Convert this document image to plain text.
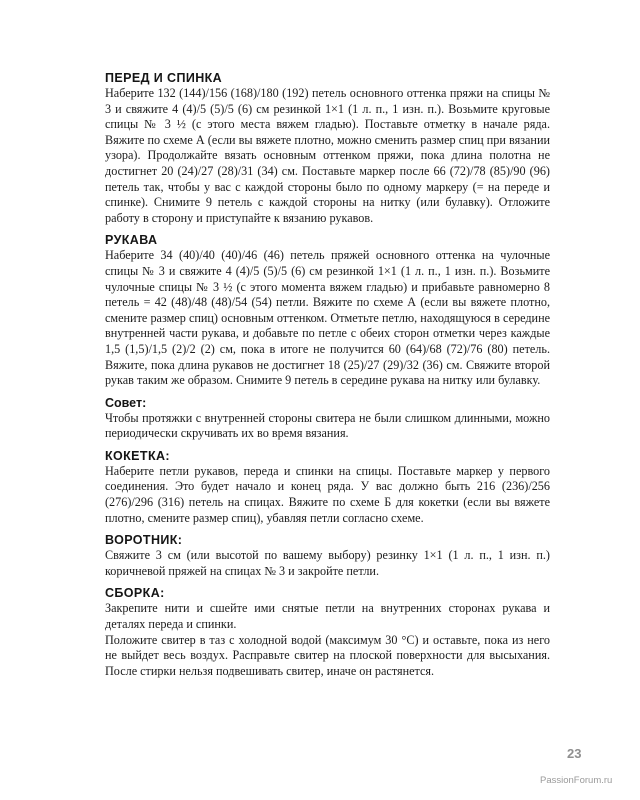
ПЕРЕД И СПИНКА

Наберите 132 (144)/156 (168)/180 (192) петель основного оттенка пряжи на спицы № 3 и свяжите 4 (4)/5 (5)/5 (6) см резинкой 1×1 (1 л. п., 1 изн. п.). Возьмите круговые спицы № 3 ½ (с этого места вяжем гладью). Поставьте отметку в начале ряда. Вяжите по схеме А (если вы вяжете плотно, можно сменить размер спиц при вязании узора). Продолжайте вязать основным оттенком пряжи, пока длина полотна не достигнет 20 (24)/27 (28)/31 (34) см. Поставьте маркер после 66 (72)/78 (85)/90 (96) петель так, чтобы у вас с каждой стороны было по одному маркеру (= на переде и спинке). Снимите 9 петель с каждой стороны на нитку (или булавку). Отложите работу в сторону и приступайте к вязанию рукавов.

РУКАВА

Наберите 34 (40)/40 (40)/46 (46) петель пряжей основного оттенка на чулочные спицы № 3 и свяжите 4 (4)/5 (5)/5 (6) см резинкой 1×1 (1 л. п., 1 изн. п.). Возьмите чулочные спицы № 3 ½ (с этого момента вяжем гладью) и прибавьте равномерно 8 петель = 42 (48)/48 (48)/54 (54) петли. Вяжите по схеме А (если вы вяжете плотно, смените размер спиц) основным оттенком. Отметьте петлю, находящуюся в середине внутренней части рукава, и добавьте по петле с обеих сторон отметки через каждые 1,5 (1,5)/1,5 (2)/2 (2) см, пока в итоге не получится 60 (64)/68 (72)/76 (80) петель. Вяжите, пока длина рукавов не достигнет 18 (25)/27 (29)/32 (36) см. Свяжите второй рукав таким же образом. Снимите 9 петель в середине рукава на нитку или булавку.

Совет:

Чтобы протяжки с внутренней стороны свитера не были слишком длинными, можно периодически скручивать их во время вязания.

КОКЕТКА:

Наберите петли рукавов, переда и спинки на спицы. Поставьте маркер у первого соединения. Это будет начало и конец ряда. У вас должно быть 216 (236)/256 (276)/296 (316) петель на спицах. Вяжите по схеме Б для кокетки (если вы вяжете плотно, смените размер спиц), убавляя петли согласно схеме.

ВОРОТНИК:

Свяжите 3 см (или высотой по вашему выбору) резинку 1×1 (1 л. п., 1 изн. п.) коричневой пряжей на спицах № 3 и закройте петли.

СБОРКА:

Закрепите нити и сшейте ими снятые петли на внутренних сторонах рукава и деталях переда и спинки.

Положите свитер в таз с холодной водой (максимум 30 °C) и оставьте, пока из него не выйдет весь воздух. Расправьте свитер на плоской поверхности для высыхания. После стирки нельзя подвешивать свитер, иначе он растянется.

23
PassionForum.ru
